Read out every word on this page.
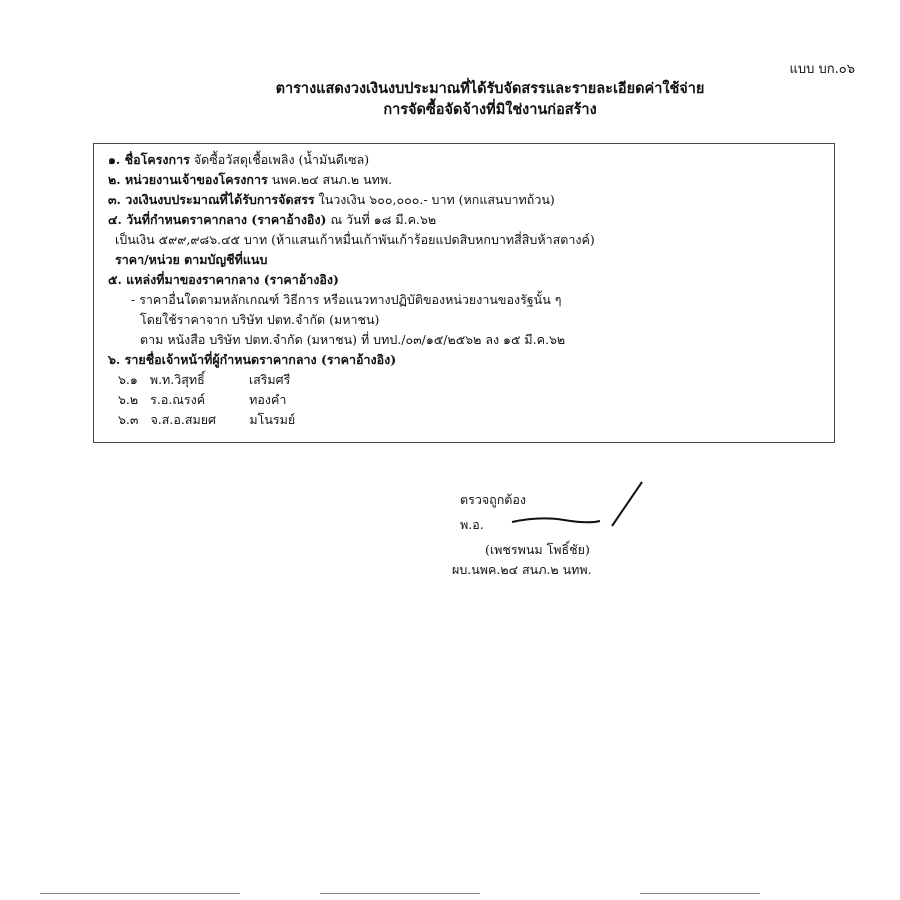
แบบ บก.๐๖
ตารางแสดงวงเงินงบประมาณที่ได้รับจัดสรรและรายละเอียดค่าใช้จ่าย
การจัดซื้อจัดจ้างที่มิใช่งานก่อสร้าง
๑. ชื่อโครงการ จัดซื้อวัสดุเชื้อเพลิง (น้ำมันดีเซล)
๒. หน่วยงานเจ้าของโครงการ นพค.๒๔ สนภ.๒ นทพ.
๓. วงเงินงบประมาณที่ได้รับการจัดสรร ในวงเงิน ๖๐๐,๐๐๐.- บาท (หกแสนบาทถ้วน)
๔. วันที่กำหนดราคากลาง (ราคาอ้างอิง) ณ วันที่ ๑๘ มี.ค.๖๒
เป็นเงิน ๕๙๙,๙๘๖.๔๕ บาท (ห้าแสนเก้าหมื่นเก้าพันเก้าร้อยแปดสิบหกบาทสี่สิบห้าสตางค์)
ราคา/หน่วย ตามบัญชีที่แนบ
๕. แหล่งที่มาของราคากลาง (ราคาอ้างอิง)
- ราคาอื่นใดตามหลักเกณฑ์ วิธีการ หรือแนวทางปฏิบัติของหน่วยงานของรัฐนั้น ๆ
โดยใช้ราคาจาก บริษัท ปตท.จำกัด (มหาชน)
ตาม หนังสือ บริษัท ปตท.จำกัด (มหาชน) ที่ บทป./๐๓/๑๕/๒๕๖๒ ลง ๑๕ มี.ค.๖๒
๖. รายชื่อเจ้าหน้าที่ผู้กำหนดราคากลาง (ราคาอ้างอิง)
๖.๑ พ.ท.วิสุทธิ์	เสริมศรี
๖.๒ ร.อ.ณรงค์	ทองคำ
๖.๓ จ.ส.อ.สมยศ	มโนรมย์
ตรวจถูกต้อง
พ.อ.
(เพชรพนม โพธิ์ชัย)
ผบ.นพค.๒๔ สนภ.๒ นทพ.
